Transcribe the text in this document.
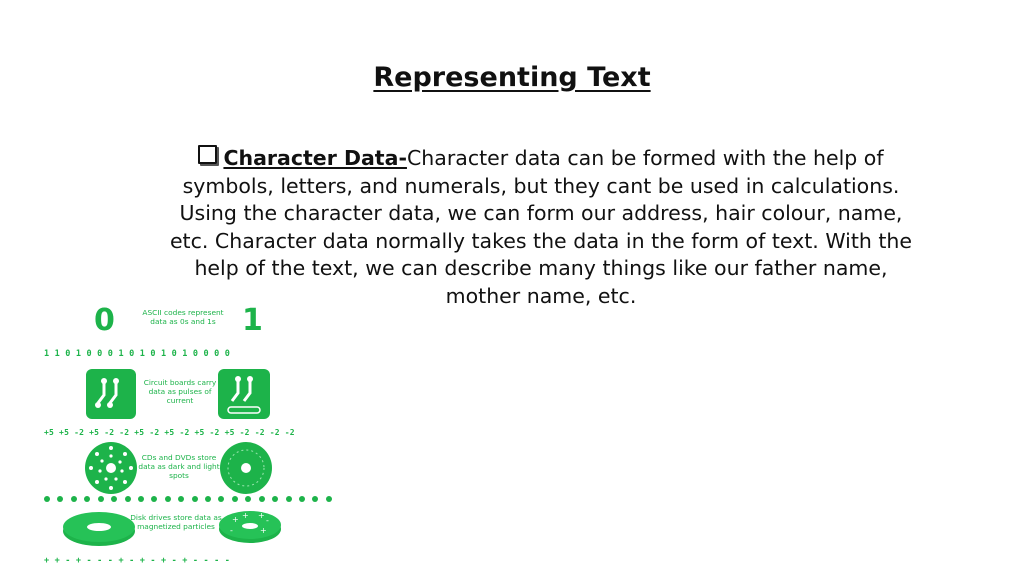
Representing Text
Character Data-Character data can be formed with the help of symbols, letters, and numerals, but they cant be used in calculations. Using the character data, we can form our address, hair colour, name, etc. Character data normally takes the data in the form of text. With the help of the text, we can describe many things like our father name, mother name, etc.
0	1
ASCII codes represent data as 0s and 1s
1 1 0 1 0 0 0 1 0 1 0 1 0 1 0 0 0 0
Circuit boards carry data as pulses of current
+5 +5 -2 +5 -2 -2 +5 -2 +5 -2 +5 -2 +5 -2 -2 -2 -2
CDs and DVDs store data as dark and light spots
Disk drives store data as magnetized particles
+ + +
-
-	+
+ + - + - - - + - + - + - + - - - -
